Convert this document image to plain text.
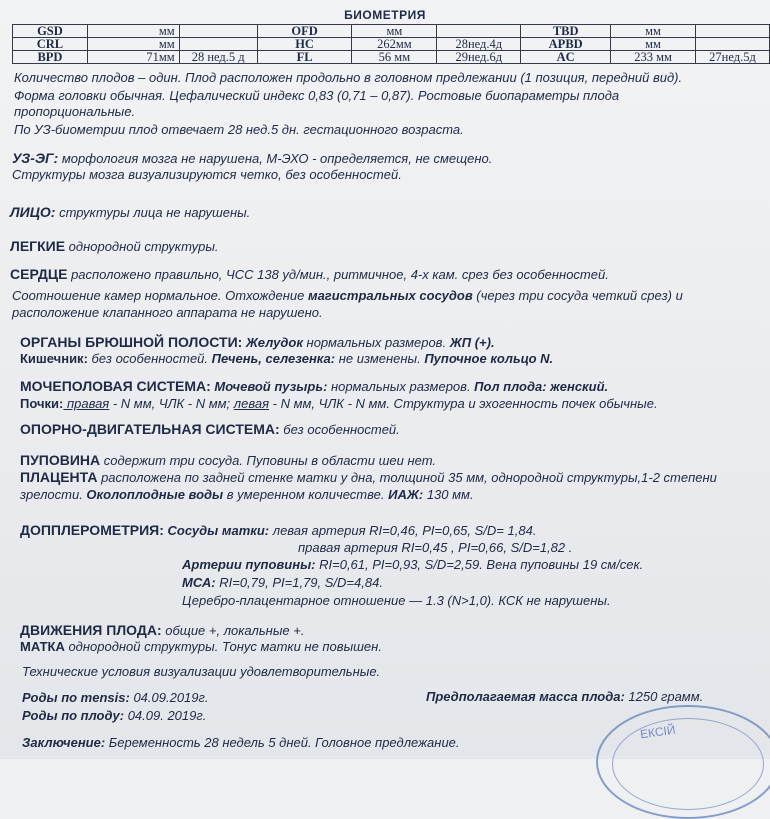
БИОМЕТРИЯ
GSD	мм		OFD	мм		TBD	мм	
CRL	мм		HC	262мм	28нед.4д	APBD	мм	
BPD	71мм	28 нед.5 д	FL	56 мм	29нед.6д	AC	233 мм	27нед.5д
Количество плодов – один. Плод расположен продольно в головном предлежании (1 позиция, передний вид).
Форма головки обычная. Цефалический индекс 0,83 (0,71 – 0,87). Ростовые биопараметры плода
пропорциональные.
По УЗ-биометрии плод отвечает 28 нед.5 дн. гестационного возраста.
УЗ-ЭГ: морфология мозга не нарушена, М-ЭХО - определяется, не смещено.
Структуры мозга визуализируются четко, без особенностей.
ЛИЦО: структуры лица не нарушены.
ЛЕГКИЕ однородной структуры.
СЕРДЦЕ расположено правильно, ЧСС 138 уд/мин., ритмичное, 4-х кам. срез без особенностей.
Соотношение камер нормальное. Отхождение магистральных сосудов (через три сосуда четкий срез) и
расположение клапанного аппарата не нарушено.
ОРГАНЫ БРЮШНОЙ ПОЛОСТИ: Желудок нормальных размеров. ЖП (+).
Кишечник: без особенностей. Печень, селезенка: не изменены. Пупочное кольцо N.
МОЧЕПОЛОВАЯ СИСТЕМА: Мочевой пузырь: нормальных размеров. Пол плода: женский.
Почки: правая - N мм, ЧЛК - N мм; левая - N мм, ЧЛК - N мм. Структура и эхогенность почек обычные.
ОПОРНО-ДВИГАТЕЛЬНАЯ СИСТЕМА: без особенностей.
ПУПОВИНА содержит три сосуда. Пуповины в области шеи нет.
ПЛАЦЕНТА расположена по задней стенке матки у дна, толщиной 35 мм, однородной структуры,1-2 степени
зрелости. Околоплодные воды в умеренном количестве. ИАЖ: 130 мм.
ДОППЛЕРОМЕТРИЯ: Сосуды матки: левая артерия RI=0,46, PI=0,65, S/D= 1,84.
правая артерия RI=0,45 , PI=0,66, S/D=1,82 .
Артерии пуповины: RI=0,61, PI=0,93, S/D=2,59. Вена пуповины 19 см/сек.
МСА: RI=0,79, PI=1,79, S/D=4,84.
Церебро-плацентарное отношение — 1.3 (N>1,0). КСК не нарушены.
ДВИЖЕНИЯ ПЛОДА: общие +, локальные +.
МАТКА однородной структуры. Тонус матки не повышен.
Технические условия визуализации удовлетворительные.
Роды по mensis: 04.09.2019г.	Предполагаемая масса плода: 1250 грамм.
Роды по плоду: 04.09. 2019г.
Заключение: Беременность 28 недель 5 дней. Головное предлежание.
ЕКСІЙ
